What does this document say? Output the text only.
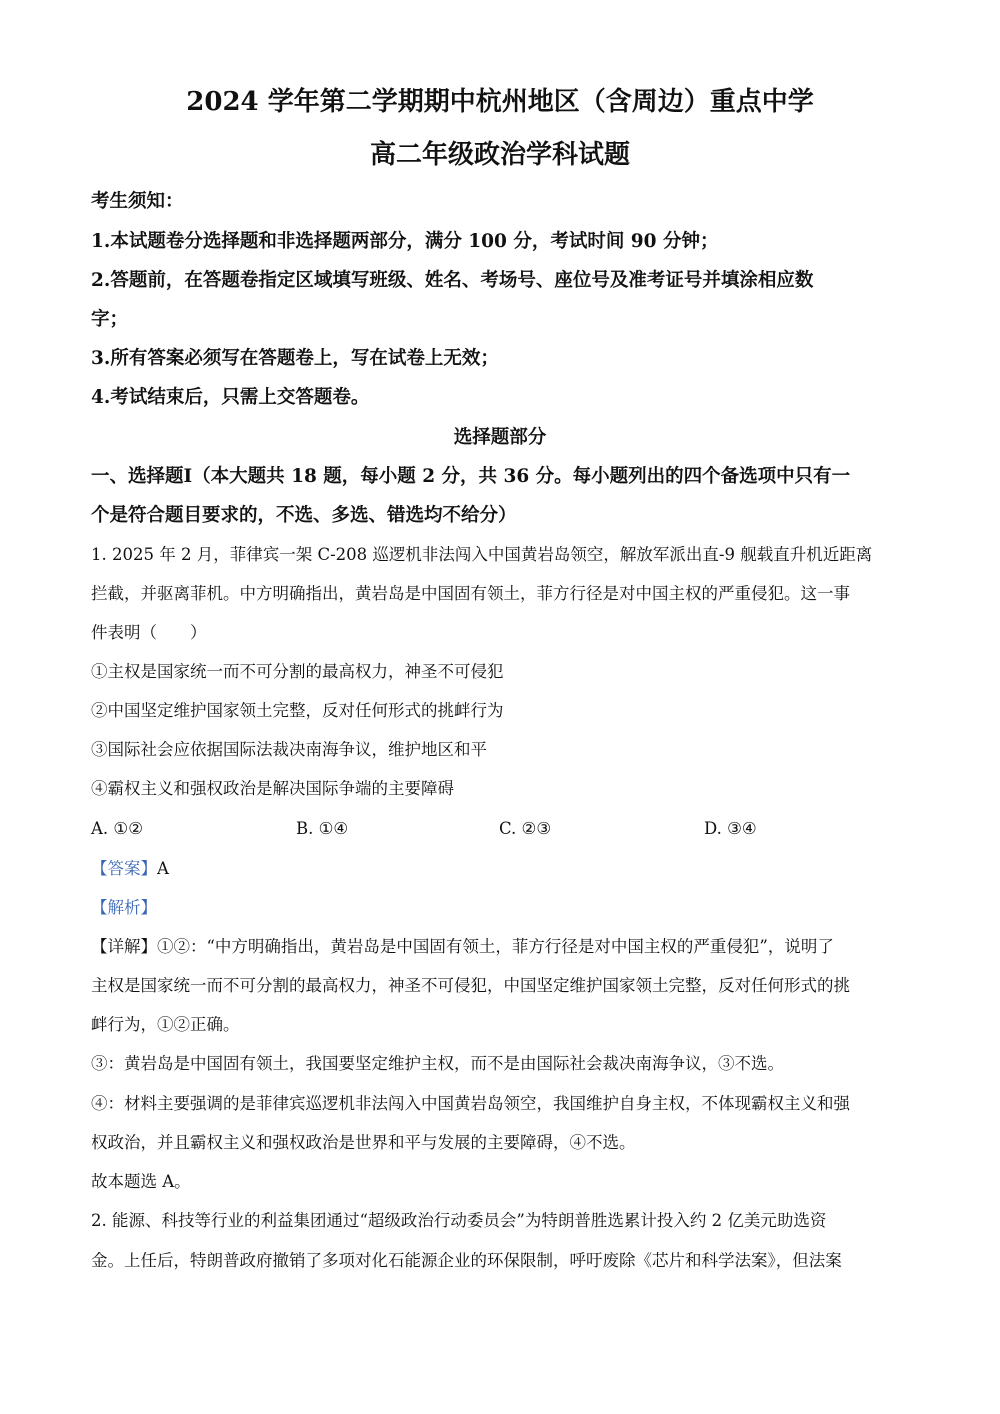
2024 学年第二学期期中杭州地区（含周边）重点中学
高二年级政治学科试题
考生须知：
1.本试题卷分选择题和非选择题两部分，满分 100 分，考试时间 90 分钟；
2.答题前，在答题卷指定区域填写班级、姓名、考场号、座位号及准考证号并填涂相应数
字；
3.所有答案必须写在答题卷上，写在试卷上无效；
4.考试结束后，只需上交答题卷。
选择题部分
一、选择题Ⅰ（本大题共 18 题，每小题 2 分，共 36 分。每小题列出的四个备选项中只有一
个是符合题目要求的，不选、多选、错选均不给分）
1. 2025 年 2 月，菲律宾一架 C-208 巡逻机非法闯入中国黄岩岛领空，解放军派出直-9 舰载直升机近距离
拦截，并驱离菲机。中方明确指出，黄岩岛是中国固有领土，菲方行径是对中国主权的严重侵犯。这一事
件表明（　　）
①主权是国家统一而不可分割的最高权力，神圣不可侵犯
②中国坚定维护国家领土完整，反对任何形式的挑衅行为
③国际社会应依据国际法裁决南海争议，维护地区和平
④霸权主义和强权政治是解决国际争端的主要障碍
A. ①②	B. ①④	C. ②③	D. ③④
【答案】A
【解析】
【详解】①②：“中方明确指出，黄岩岛是中国固有领土，菲方行径是对中国主权的严重侵犯”，说明了
主权是国家统一而不可分割的最高权力，神圣不可侵犯，中国坚定维护国家领土完整，反对任何形式的挑
衅行为，①②正确。
③：黄岩岛是中国固有领土，我国要坚定维护主权，而不是由国际社会裁决南海争议，③不选。
④：材料主要强调的是菲律宾巡逻机非法闯入中国黄岩岛领空，我国维护自身主权，不体现霸权主义和强
权政治，并且霸权主义和强权政治是世界和平与发展的主要障碍，④不选。
故本题选 A。
2. 能源、科技等行业的利益集团通过“超级政治行动委员会”为特朗普胜选累计投入约 2 亿美元助选资
金。上任后，特朗普政府撤销了多项对化石能源企业的环保限制，呼吁废除《芯片和科学法案》，但法案
